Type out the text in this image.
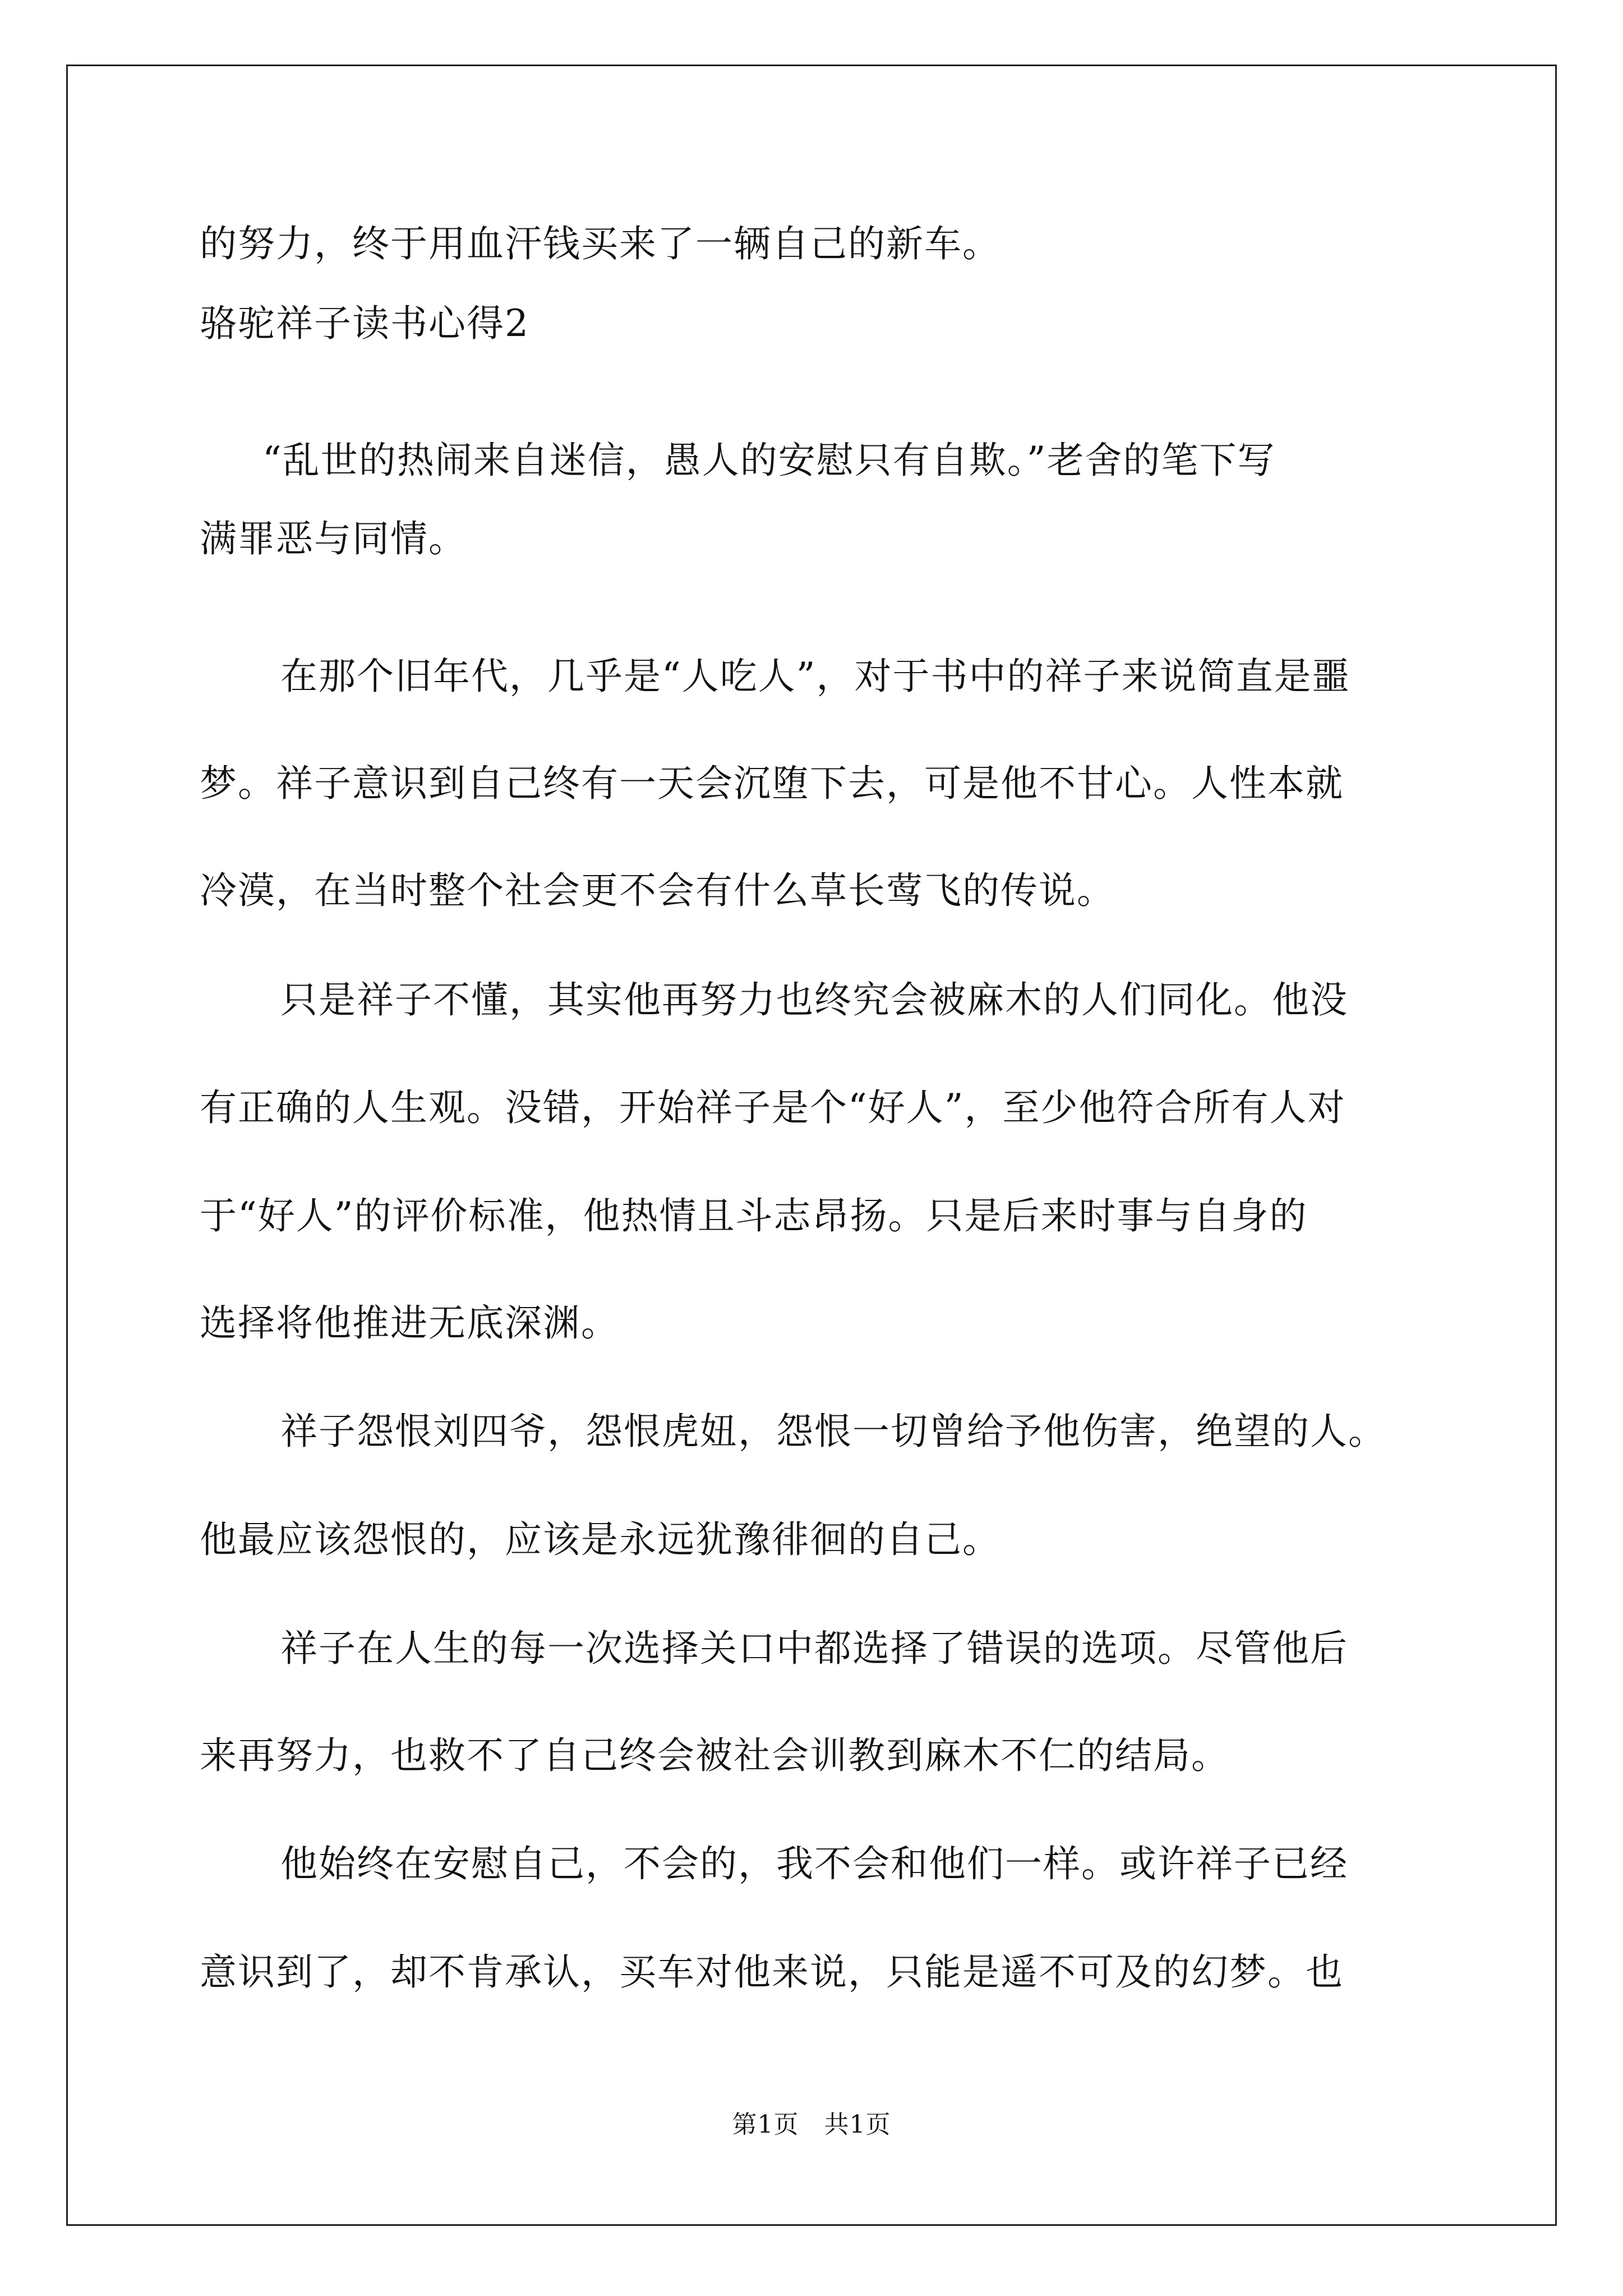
的努力，终于用血汗钱买来了一辆自己的新车。
骆驼祥子读书心得2
“乱世的热闹来自迷信，愚人的安慰只有自欺。”老舍的笔下写
满罪恶与同情。
在那个旧年代，几乎是“人吃人”，对于书中的祥子来说简直是噩
梦。祥子意识到自己终有一天会沉堕下去，可是他不甘心。人性本就
冷漠，在当时整个社会更不会有什么草长莺飞的传说。
只是祥子不懂，其实他再努力也终究会被麻木的人们同化。他没
有正确的人生观。没错，开始祥子是个“好人”，至少他符合所有人对
于“好人”的评价标准，他热情且斗志昂扬。只是后来时事与自身的
选择将他推进无底深渊。
祥子怨恨刘四爷，怨恨虎妞，怨恨一切曾给予他伤害，绝望的人。
他最应该怨恨的，应该是永远犹豫徘徊的自己。
祥子在人生的每一次选择关口中都选择了错误的选项。尽管他后
来再努力，也救不了自己终会被社会训教到麻木不仁的结局。
他始终在安慰自己，不会的，我不会和他们一样。或许祥子已经
意识到了，却不肯承认，买车对他来说，只能是遥不可及的幻梦。也
第1页　共1页
